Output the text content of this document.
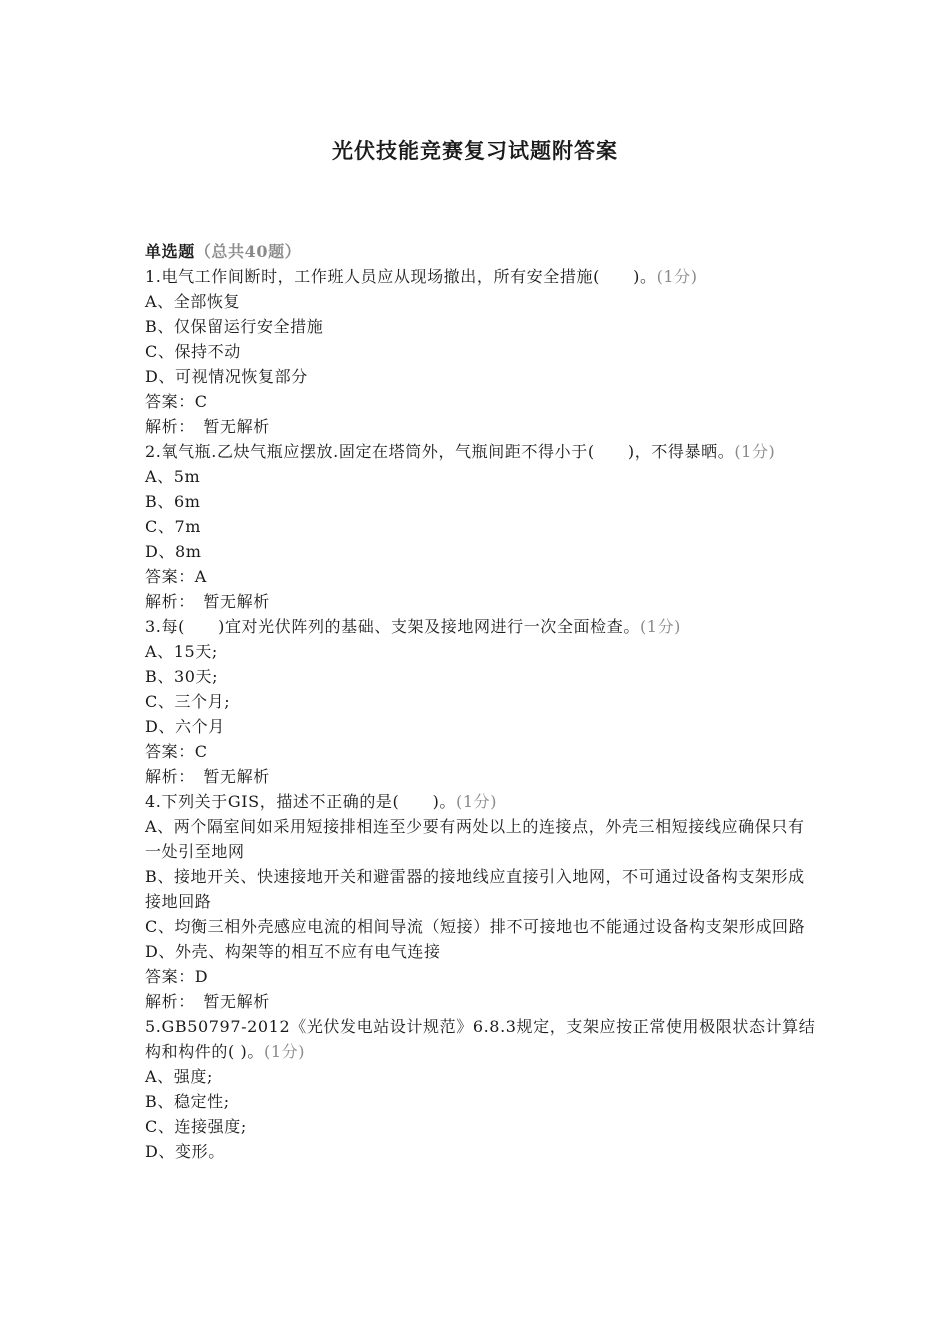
光伏技能竞赛复习试题附答案
单选题（总共40题）
1.电气工作间断时，工作班人员应从现场撤出，所有安全措施(　　)。(1分)
A、全部恢复
B、仅保留运行安全措施
C、保持不动
D、可视情况恢复部分
答案：C
解析：　暂无解析
2.氧气瓶.乙炔气瓶应摆放.固定在塔筒外，气瓶间距不得小于(　　)，不得暴晒。(1分)
A、5m
B、6m
C、7m
D、8m
答案：A
解析：　暂无解析
3.每(　　)宜对光伏阵列的基础、支架及接地网进行一次全面检查。(1分)
A、15天;
B、30天;
C、三个月;
D、六个月
答案：C
解析：　暂无解析
4.下列关于GIS，描述不正确的是(　　)。(1分)
A、两个隔室间如采用短接排相连至少要有两处以上的连接点，外壳三相短接线应确保只有一处引至地网
B、接地开关、快速接地开关和避雷器的接地线应直接引入地网，不可通过设备构支架形成接地回路
C、均衡三相外壳感应电流的相间导流（短接）排不可接地也不能通过设备构支架形成回路
D、外壳、构架等的相互不应有电气连接
答案：D
解析：　暂无解析
5.GB50797-2012《光伏发电站设计规范》6.8.3规定，支架应按正常使用极限状态计算结构和构件的( )。(1分)
A、强度;
B、稳定性;
C、连接强度;
D、变形。
